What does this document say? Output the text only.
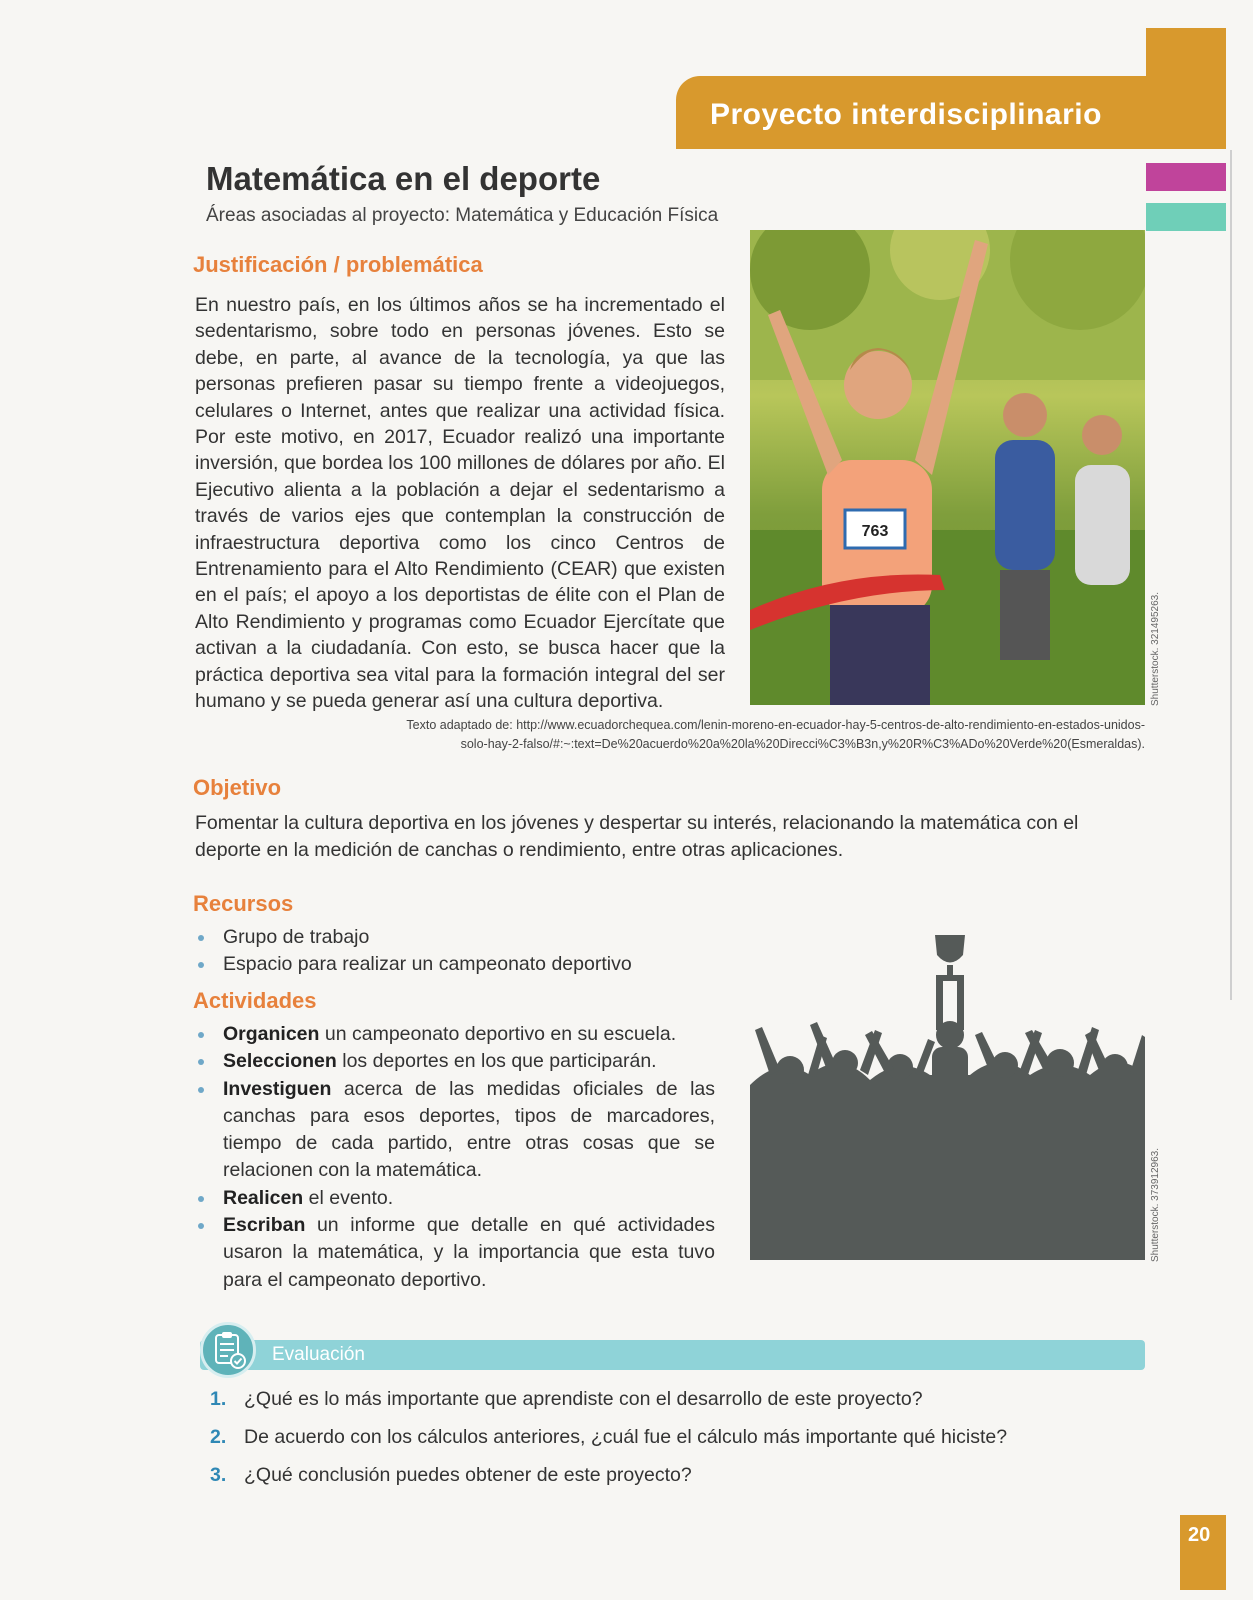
Proyecto interdisciplinario
Matemática en el deporte
Áreas asociadas al proyecto: Matemática y Educación Física
Justificación / problemática
En nuestro país, en los últimos años se ha incrementado el sedentarismo, sobre todo en personas jóvenes. Esto se debe, en parte, al avance de la tecnología, ya que las personas prefieren pasar su tiempo frente a videojuegos, celulares o Internet, antes que realizar una actividad física. Por este motivo, en 2017, Ecuador realizó una importante inversión, que bordea los 100 millones de dólares por año. El Ejecutivo alienta a la población a dejar el sedentarismo a través de varios ejes que contemplan la construcción de infraestructura deportiva como los cinco Centros de Entrenamiento para el Alto Rendimiento (CEAR) que existen en el país; el apoyo a los deportistas de élite con el Plan de Alto Rendimiento y programas como Ecuador Ejercítate que activan a la ciudadanía. Con esto, se busca hacer que la práctica deportiva sea vital para la formación integral del ser humano y se pueda generar así una cultura deportiva.
763
Shutterstock. 321495263.
Texto adaptado de: http://www.ecuadorchequea.com/lenin-moreno-en-ecuador-hay-5-centros-de-alto-rendimiento-en-estados-unidos-
solo-hay-2-falso/#:~:text=De%20acuerdo%20a%20la%20Direcci%C3%B3n,y%20R%C3%ADo%20Verde%20(Esmeraldas).
Objetivo
Fomentar la cultura deportiva en los jóvenes y despertar su interés, relacionando la matemática con el deporte en la medición de canchas o rendimiento, entre otras aplicaciones.
Recursos
Grupo de trabajo
Espacio para realizar un campeonato deportivo
Actividades
Organicen un campeonato deportivo en su escuela.
Seleccionen los deportes en los que participarán.
Investiguen acerca de las medidas oficiales de las canchas para esos deportes, tipos de marcadores, tiempo de cada partido, entre otras cosas que se relacionen con la matemática.
Realicen el evento.
Escriban un informe que detalle en qué actividades usaron la matemática, y la importancia que esta tuvo para el campeonato deportivo.
Shutterstock. 373912963.
Evaluación
1. ¿Qué es lo más importante que aprendiste con el desarrollo de este proyecto?
2. De acuerdo con los cálculos anteriores, ¿cuál fue el cálculo más importante qué hiciste?
3. ¿Qué conclusión puedes obtener de este proyecto?
20
